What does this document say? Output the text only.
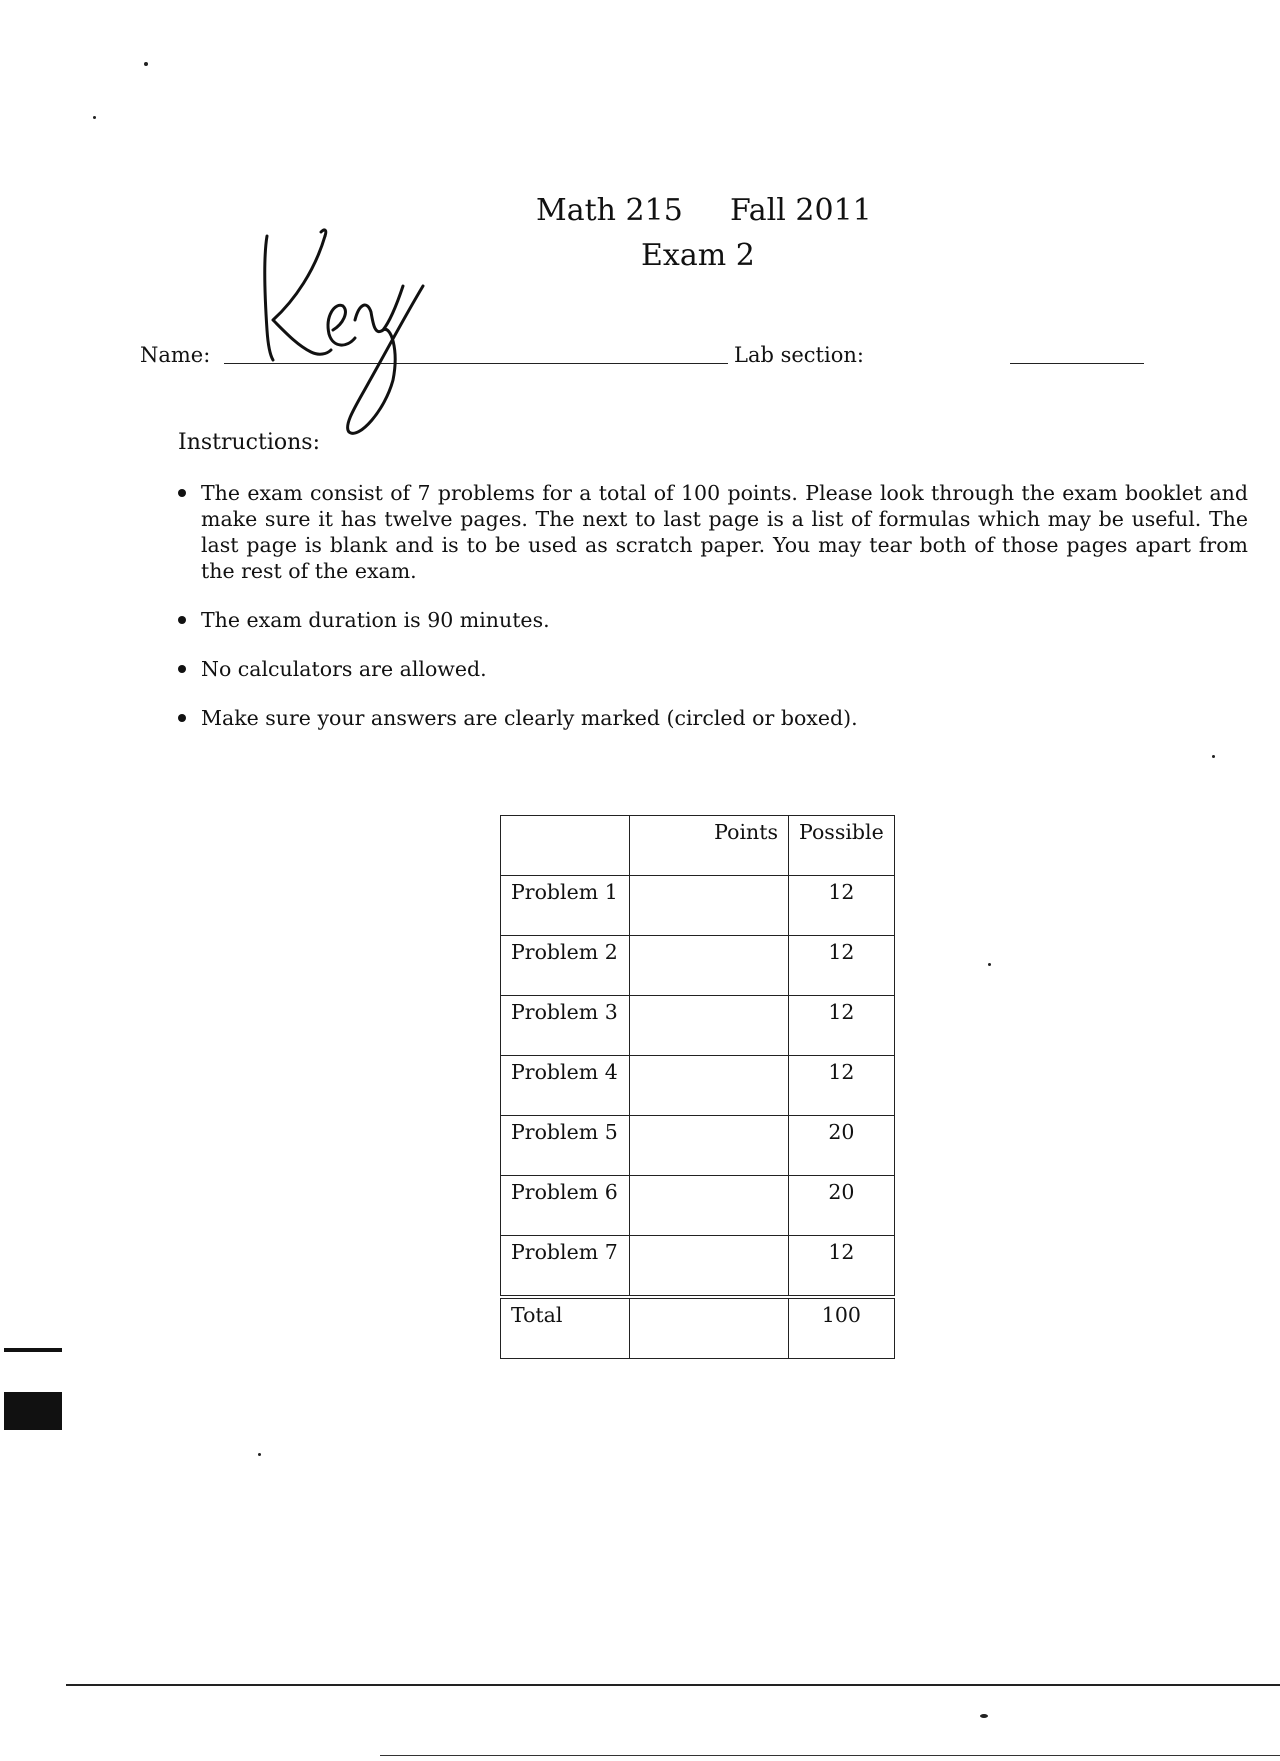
Math 215 Fall 2011
Exam 2
Name:	Lab section:
Instructions:
The exam consist of 7 problems for a total of 100 points. Please look through the exam booklet and make sure it has twelve pages. The next to last page is a list of formulas which may be useful. The last page is blank and is to be used as scratch paper. You may tear both of those pages apart from the rest of the exam.
The exam duration is 90 minutes.
No calculators are allowed.
Make sure your answers are clearly marked (circled or boxed).
	Points	Possible
Problem 1		12
Problem 2		12
Problem 3		12
Problem 4		12
Problem 5		20
Problem 6		20
Problem 7		12
Total		100
